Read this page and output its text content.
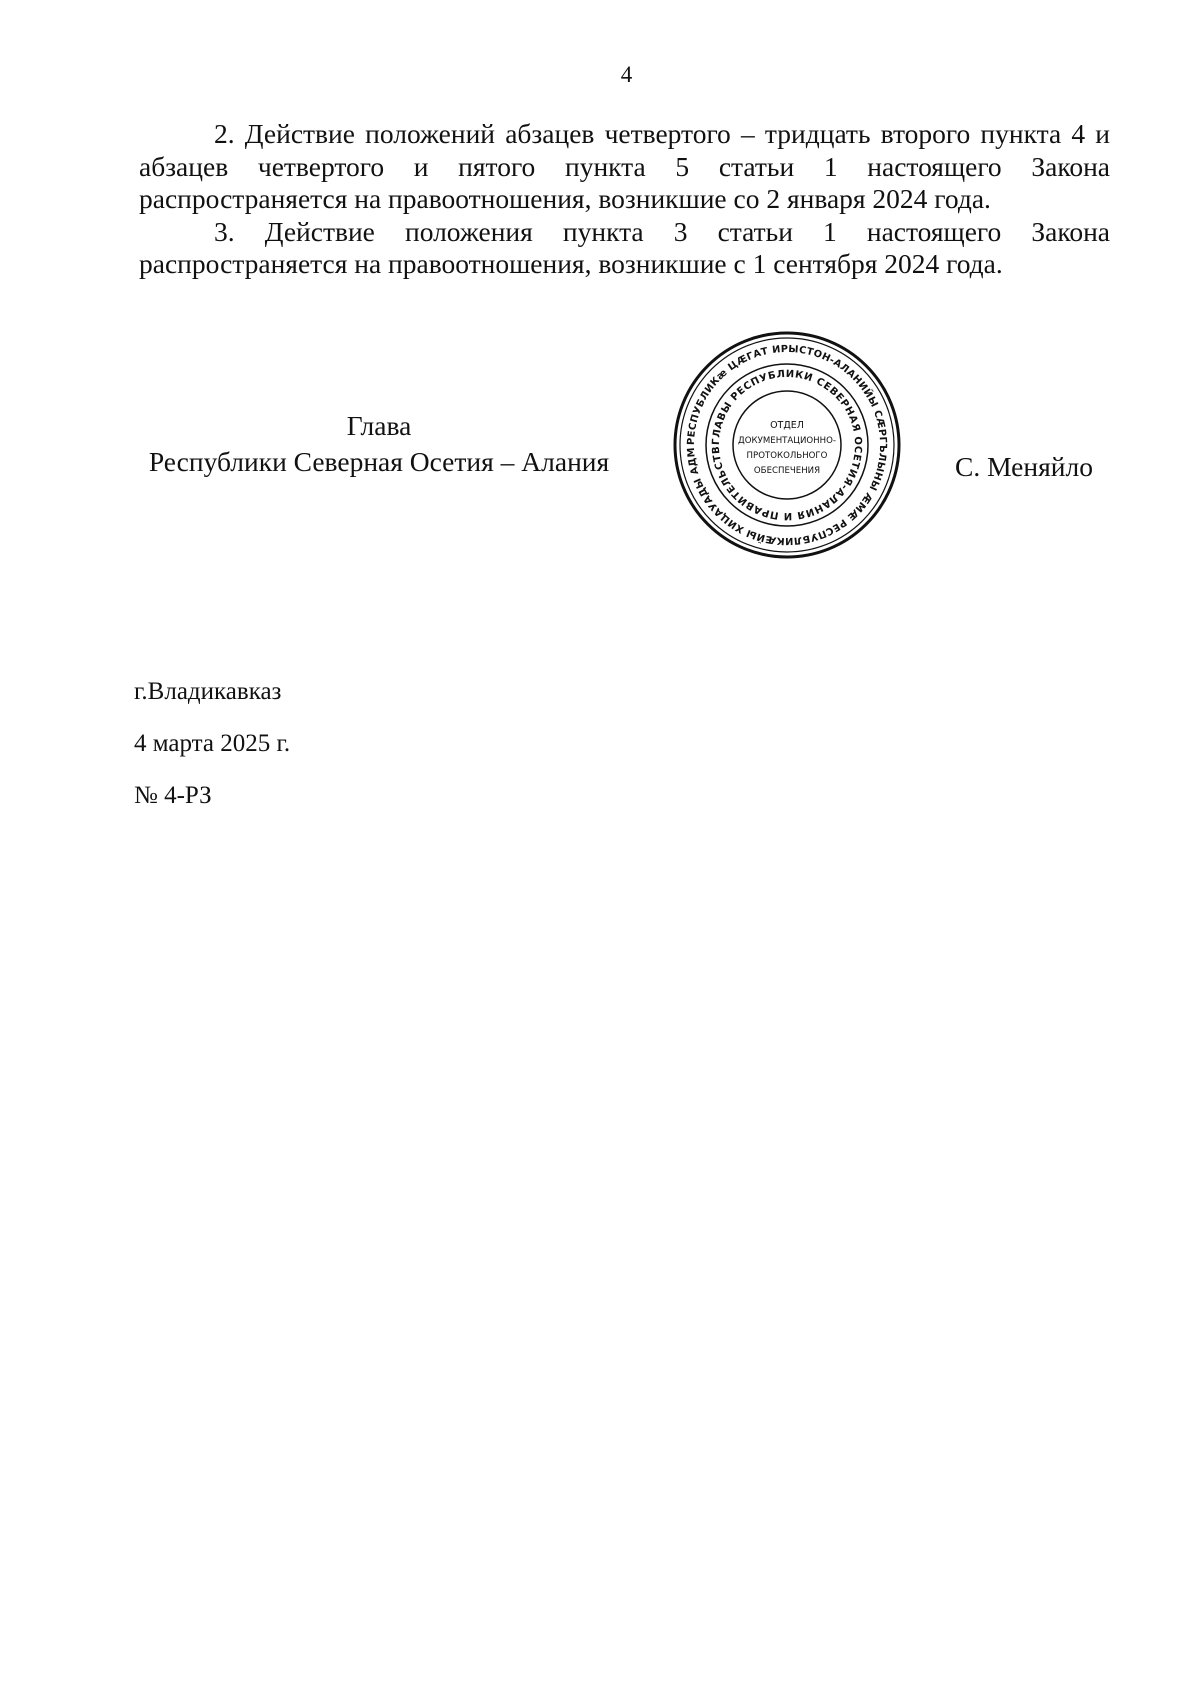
4

2. Действие положений абзацев четвертого – тридцать второго пункта 4 и абзацев четвертого и пятого пункта 5 статьи 1 настоящего Закона распространяется на правоотношения, возникшие со 2 января 2024 года.

3. Действие положения пункта 3 статьи 1 настоящего Закона распространяется на правоотношения, возникшие с 1 сентября 2024 года.

Глава
Республики Северная Осетия – Алания
РЕСПУБЛИКӕ ЦӔГАТ ИРЫСТОН-АЛАНИЙЫ СӔРГЪЛЫНЫ ӔМӔ РЕСПУБЛИКӔЙЫ ХИЦАУАДЫ АДМ
ГЛАВЫ РЕСПУБЛИКИ СЕВЕРНАЯ ОСЕТИЯ-АЛАНИЯ И ПРАВИТЕЛЬСТВ
ОТДЕЛ
ДОКУМЕНТАЦИОННО-
ПРОТОКОЛЬНОГО
ОБЕСПЕЧЕНИЯ	С. Меняйло
г.Владикавказ
4 марта 2025 г.
№ 4-РЗ
